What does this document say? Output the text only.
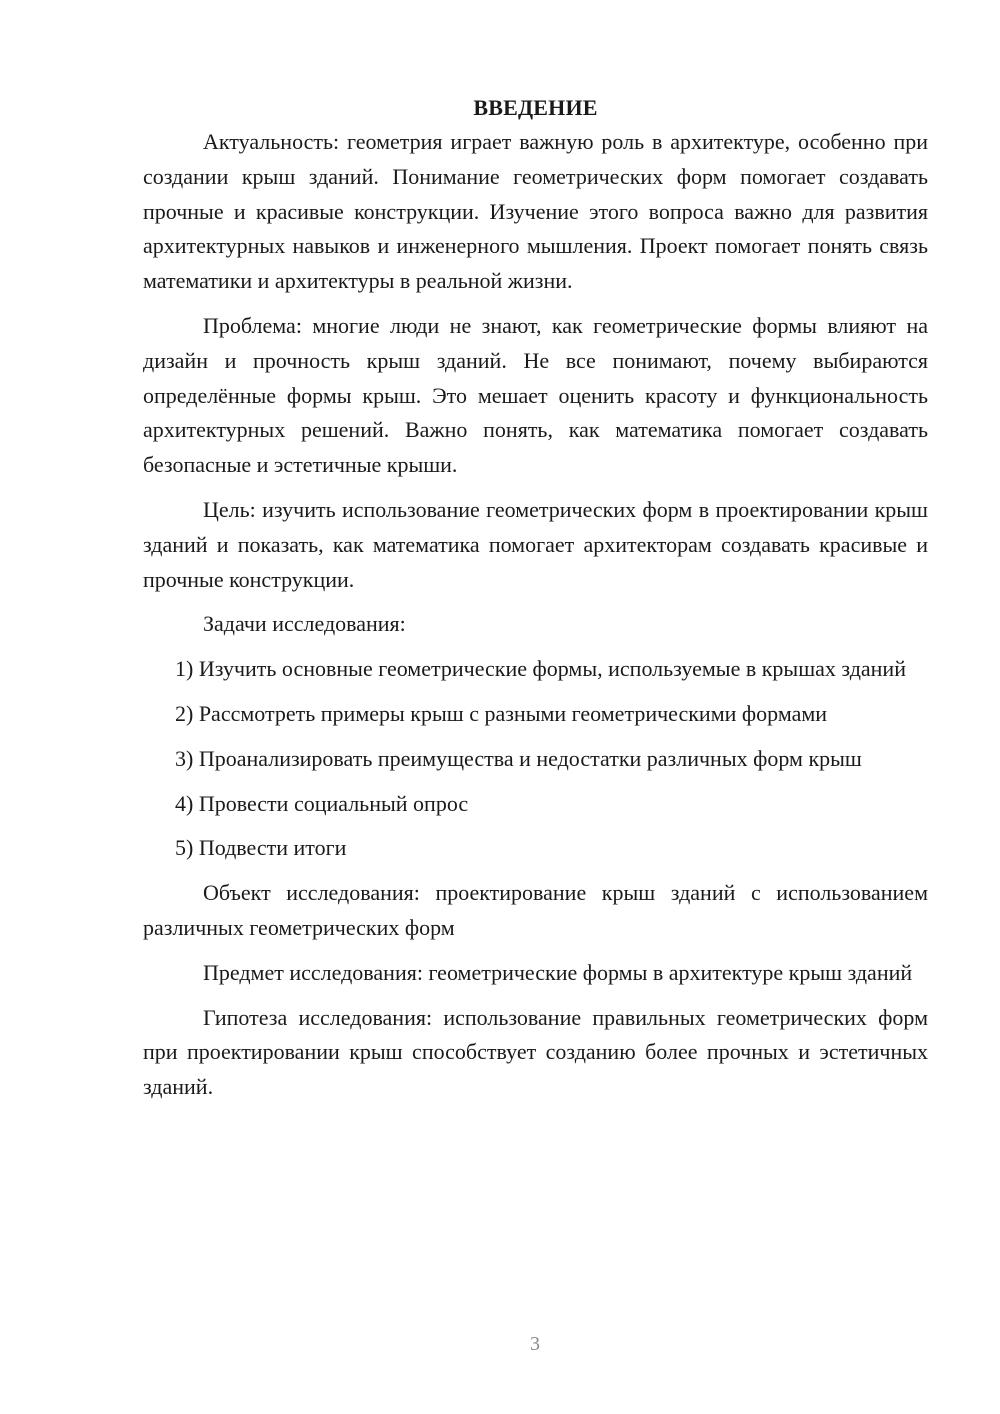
ВВЕДЕНИЕ

Актуальность: геометрия играет важную роль в архитектуре, особенно при создании крыш зданий. Понимание геометрических форм помогает создавать прочные и красивые конструкции. Изучение этого вопроса важно для развития архитектурных навыков и инженерного мышления. Проект помогает понять связь математики и архитектуры в реальной жизни.

Проблема: многие люди не знают, как геометрические формы влияют на дизайн и прочность крыш зданий. Не все понимают, почему выбираются определённые формы крыш. Это мешает оценить красоту и функциональность архитектурных решений. Важно понять, как математика помогает создавать безопасные и эстетичные крыши.

Цель: изучить использование геометрических форм в проектировании крыш зданий и показать, как математика помогает архитекторам создавать красивые и прочные конструкции.

Задачи исследования:

1) Изучить основные геометрические формы, используемые в крышах зданий

2) Рассмотреть примеры крыш с разными геометрическими формами

3) Проанализировать преимущества и недостатки различных форм крыш

4) Провести социальный опрос

5) Подвести итоги

Объект исследования: проектирование крыш зданий с использованием различных геометрических форм

Предмет исследования: геометрические формы в архитектуре крыш зданий

Гипотеза исследования: использование правильных геометрических форм при проектировании крыш способствует созданию более прочных и эстетичных зданий.

3
